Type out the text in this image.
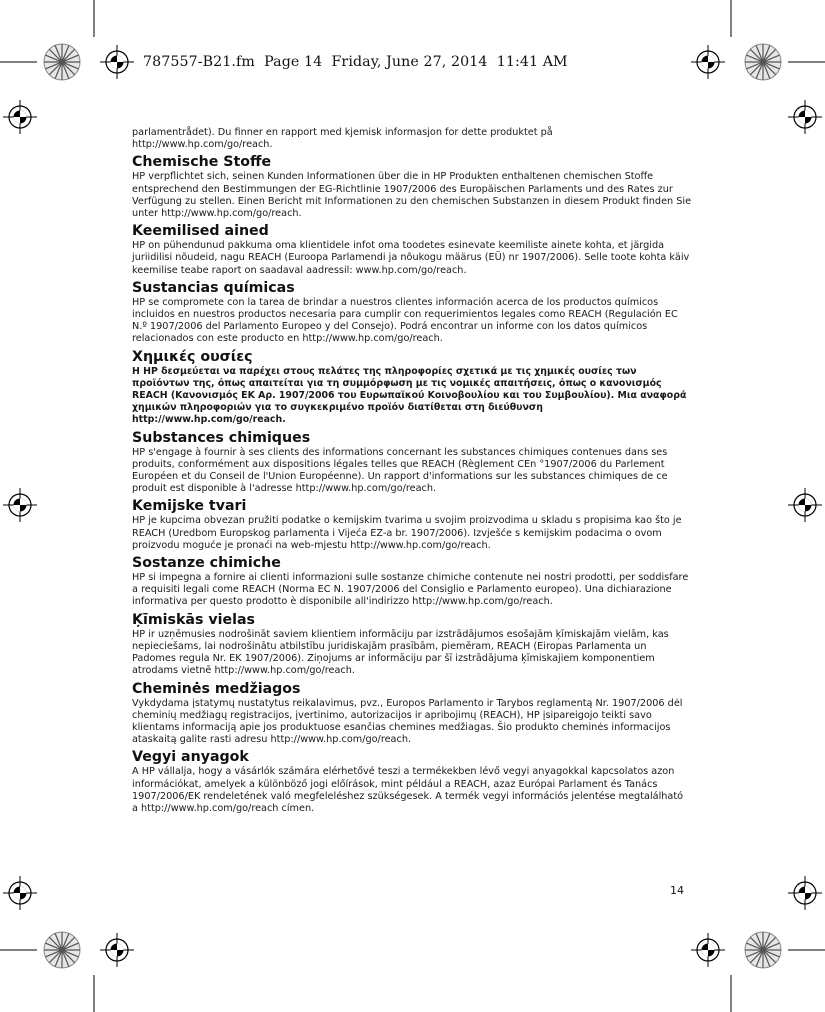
787557-B21.fm  Page 14  Friday, June 27, 2014  11:41 AM

parlamentrådet). Du finner en rapport med kjemisk informasjon for dette produktet på http://www.hp.com/go/reach.

Chemische Stoffe

HP verpflichtet sich, seinen Kunden Informationen über die in HP Produkten enthaltenen chemischen Stoffe entsprechend den Bestimmungen der EG-Richtlinie 1907/2006 des Europäischen Parlaments und des Rates zur Verfügung zu stellen. Einen Bericht mit Informationen zu den chemischen Substanzen in diesem Produkt finden Sie unter http://www.hp.com/go/reach.

Keemilised ained

HP on pühendunud pakkuma oma klientidele infot oma toodetes esinevate keemiliste ainete kohta, et järgida juriidilisi nõudeid, nagu REACH (Euroopa Parlamendi ja nõukogu määrus (EÜ) nr 1907/2006). Selle toote kohta käiv keemilise teabe raport on saadaval aadressil: www.hp.com/go/reach.

Sustancias químicas

HP se compromete con la tarea de brindar a nuestros clientes información acerca de los productos químicos incluidos en nuestros productos necesaria para cumplir con requerimientos legales como REACH (Regulación EC N.º 1907/2006 del Parlamento Europeo y del Consejo). Podrá encontrar un informe con los datos químicos relacionados con este producto en http://www.hp.com/go/reach.

Χημικές ουσίες

Η HP δεσμεύεται να παρέχει στους πελάτες της πληροφορίες σχετικά με τις χημικές ουσίες των προϊόντων της, όπως απαιτείται για τη συμμόρφωση με τις νομικές απαιτήσεις, όπως ο κανονισμός REACH (Κανονισμός ΕΚ Αρ. 1907/2006 του Ευρωπαϊκού Κοινοβουλίου και του Συμβουλίου). Μια αναφορά χημικών πληροφοριών για το συγκεκριμένο προϊόν διατίθεται στη διεύθυνση http://www.hp.com/go/reach.

Substances chimiques

HP s'engage à fournir à ses clients des informations concernant les substances chimiques contenues dans ses produits, conformément aux dispositions légales telles que REACH (Règlement CEn °1907/2006 du Parlement Européen et du Conseil de l'Union Européenne). Un rapport d'informations sur les substances chimiques de ce produit est disponible à l'adresse http://www.hp.com/go/reach.

Kemijske tvari

HP je kupcima obvezan pružiti podatke o kemijskim tvarima u svojim proizvodima u skladu s propisima kao što je REACH (Uredbom Europskog parlamenta i Vijeća EZ-a br. 1907/2006). Izvješće s kemijskim podacima o ovom proizvodu moguće je pronaći na web-mjestu http://www.hp.com/go/reach.

Sostanze chimiche

HP si impegna a fornire ai clienti informazioni sulle sostanze chimiche contenute nei nostri prodotti, per soddisfare a requisiti legali come REACH (Norma EC N. 1907/2006 del Consiglio e Parlamento europeo). Una dichiarazione informativa per questo prodotto è disponibile all'indirizzo http://www.hp.com/go/reach.

Ķīmiskās vielas

HP ir uzņēmusies nodrošināt saviem klientiem informāciju par izstrādājumos esošajām ķīmiskajām vielām, kas nepieciešams, lai nodrošinātu atbilstību juridiskajām prasībām, piemēram, REACH (Eiropas Parlamenta un Padomes regula Nr. EK 1907/2006). Ziņojums ar informāciju par šī izstrādājuma ķīmiskajiem komponentiem atrodams vietnē http://www.hp.com/go/reach.

Cheminės medžiagos

Vykdydama įstatymų nustatytus reikalavimus, pvz., Europos Parlamento ir Tarybos reglamentą Nr. 1907/2006 dėl cheminių medžiagų registracijos, įvertinimo, autorizacijos ir apribojimų (REACH), HP įsipareigojo teikti savo klientams informaciją apie jos produktuose esančias chemines medžiagas. Šio produkto cheminės informacijos ataskaitą galite rasti adresu http://www.hp.com/go/reach.

Vegyi anyagok

A HP vállalja, hogy a vásárlók számára elérhetővé teszi a termékekben lévő vegyi anyagokkal kapcsolatos azon információkat, amelyek a különböző jogi előírások, mint például a REACH, azaz Európai Parlament és Tanács 1907/2006/EK rendeletének való megfeleléshez szükségesek. A termék vegyi információs jelentése megtalálható a http://www.hp.com/go/reach címen.

14
